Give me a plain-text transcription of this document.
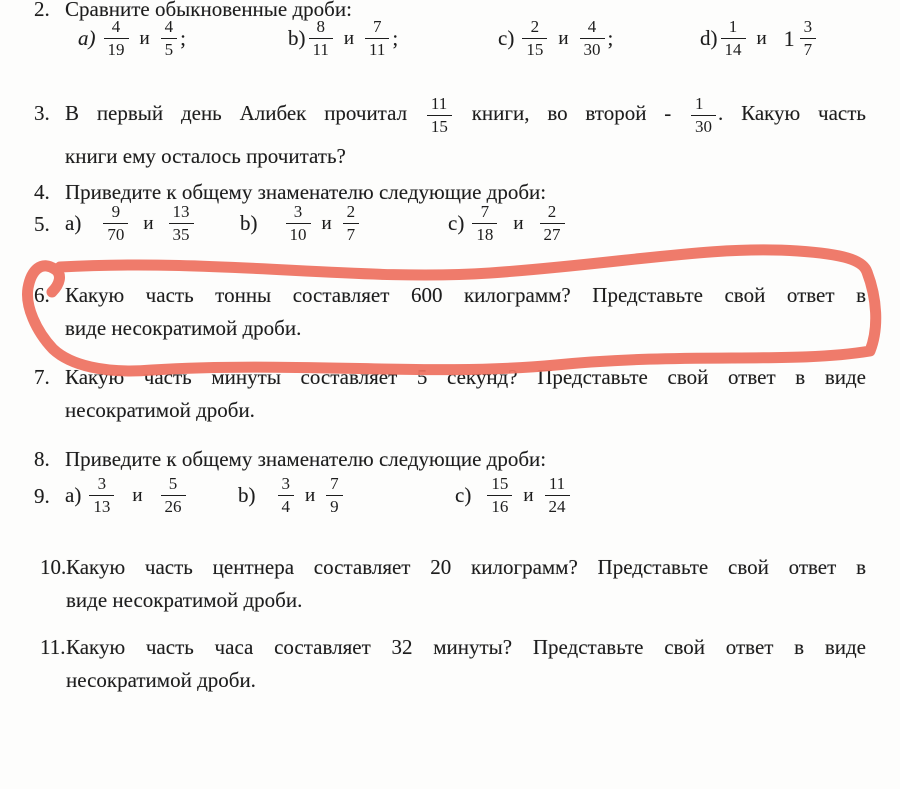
2. Сравните обыкновенные дроби:
$a) \frac{4}{19}$ и $\frac{4}{5}$ ;	$b) \frac{8}{11}$ и $\frac{7}{11}$ ;	$c) \frac{2}{15}$ и $\frac{4}{30}$ ;	$d) \frac{1}{14}$ и $1 \frac{3}{7}$
3. В первый день Алибек прочитал $\frac{11}{15}$ книги, во второй - $\frac{1}{30}$ . Какую часть
книги ему осталось прочитать?
4. Приведите к общему знаменателю следующие дроби:
5. $a) \frac{9}{70}$ и $\frac{13}{35} b) \frac{3}{10}$ и $\frac{2}{7}$	$c) \frac{7}{18}$ и $\frac{2}{27}$
6. Какую часть тонны составляет 600 килограмм? Представьте свой ответ в
виде несократимой дроби.
7. Какую часть минуты составляет 5 секунд? Представьте свой ответ в виде
несократимой дроби.
8. Приведите к общему знаменателю следующие дроби:
9. $a) \frac{3}{13}$ и $\frac{5}{26}$	$b) \frac{3}{4}$ и $\frac{7}{9}$	$c) \frac{15}{16}$ и $\frac{11}{24}$
10. Какую часть центнера составляет 20 килограмм? Представьте свой ответ в
виде несократимой дроби.
11. Какую часть часа составляет 32 минуты? Представьте свой ответ в виде
несократимой дроби.
